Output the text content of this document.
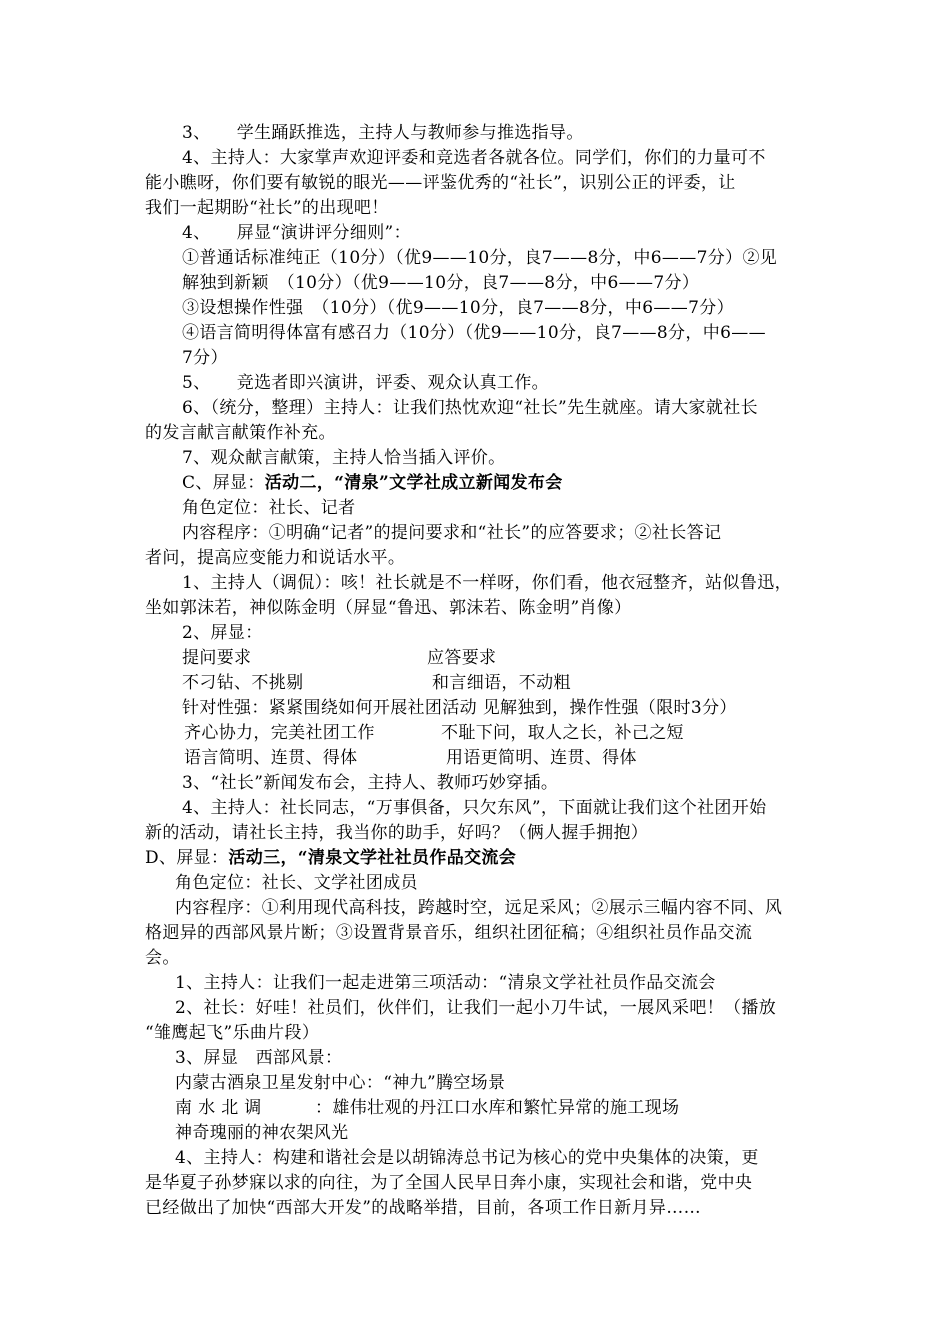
3、　　学生踊跃推选，主持人与教师参与推选指导。
4、主持人：大家掌声欢迎评委和竞选者各就各位。同学们，你们的力量可不
能小瞧呀，你们要有敏锐的眼光——评鉴优秀的“社长”，识别公正的评委，让
我们一起期盼“社长”的出现吧！
4、　　屏显“演讲评分细则”：
①普通话标准纯正（10分）（优9——10分，良7——8分，中6——7分）②见
解独到新颖　（10分）（优9——10分，良7——8分，中6——7分）
③设想操作性强　（10分）（优9——10分，良7——8分，中6——7分）
④语言简明得体富有感召力（10分）（优9——10分，良7——8分，中6——
7分）
5、　　竞选者即兴演讲，评委、观众认真工作。
6、（统分，整理）主持人：让我们热忱欢迎“社长”先生就座。请大家就社长
的发言献言献策作补充。
7、观众献言献策，主持人恰当插入评价。
C、屏显：活动二，“清泉”文学社成立新闻发布会
角色定位：社长、记者
内容程序：①明确“记者”的提问要求和“社长”的应答要求；②社长答记
者问，提高应变能力和说话水平。
1、主持人（调侃）：咳！社长就是不一样呀，你们看，他衣冠整齐，站似鲁迅，
坐如郭沫若，神似陈金明（屏显“鲁迅、郭沫若、陈金明”肖像）
2、屏显：
提问要求	应答要求
不刁钻、不挑剔	和言细语，不动粗
针对性强：紧紧围绕如何开展社团活动 见解独到，操作性强（限时3分）
齐心协力，完美社团工作	不耻下问，取人之长，补己之短
语言简明、连贯、得体	用语更简明、连贯、得体
3、“社长”新闻发布会，主持人、教师巧妙穿插。
4、主持人：社长同志，“万事俱备，只欠东风”，下面就让我们这个社团开始
新的活动，请社长主持，我当你的助手，好吗？（俩人握手拥抱）
D、屏显：活动三，“清泉文学社社员作品交流会
角色定位：社长、文学社团成员
内容程序：①利用现代高科技，跨越时空，远足采风；②展示三幅内容不同、风
格迥异的西部风景片断；③设置背景音乐，组织社团征稿；④组织社员作品交流
会。
1、主持人：让我们一起走进第三项活动：“清泉文学社社员作品交流会
2、社长：好哇！社员们，伙伴们，让我们一起小刀牛试，一展风采吧！（播放
“雏鹰起飞”乐曲片段）
3、屏显　西部风景：
内蒙古酒泉卫星发射中心：“神九”腾空场景
南 水 北 调	：雄伟壮观的丹江口水库和繁忙异常的施工现场
神奇瑰丽的神农架风光
4、主持人：构建和谐社会是以胡锦涛总书记为核心的党中央集体的决策，更
是华夏子孙梦寐以求的向往，为了全国人民早日奔小康，实现社会和谐，党中央
已经做出了加快“西部大开发”的战略举措，目前，各项工作日新月异……
